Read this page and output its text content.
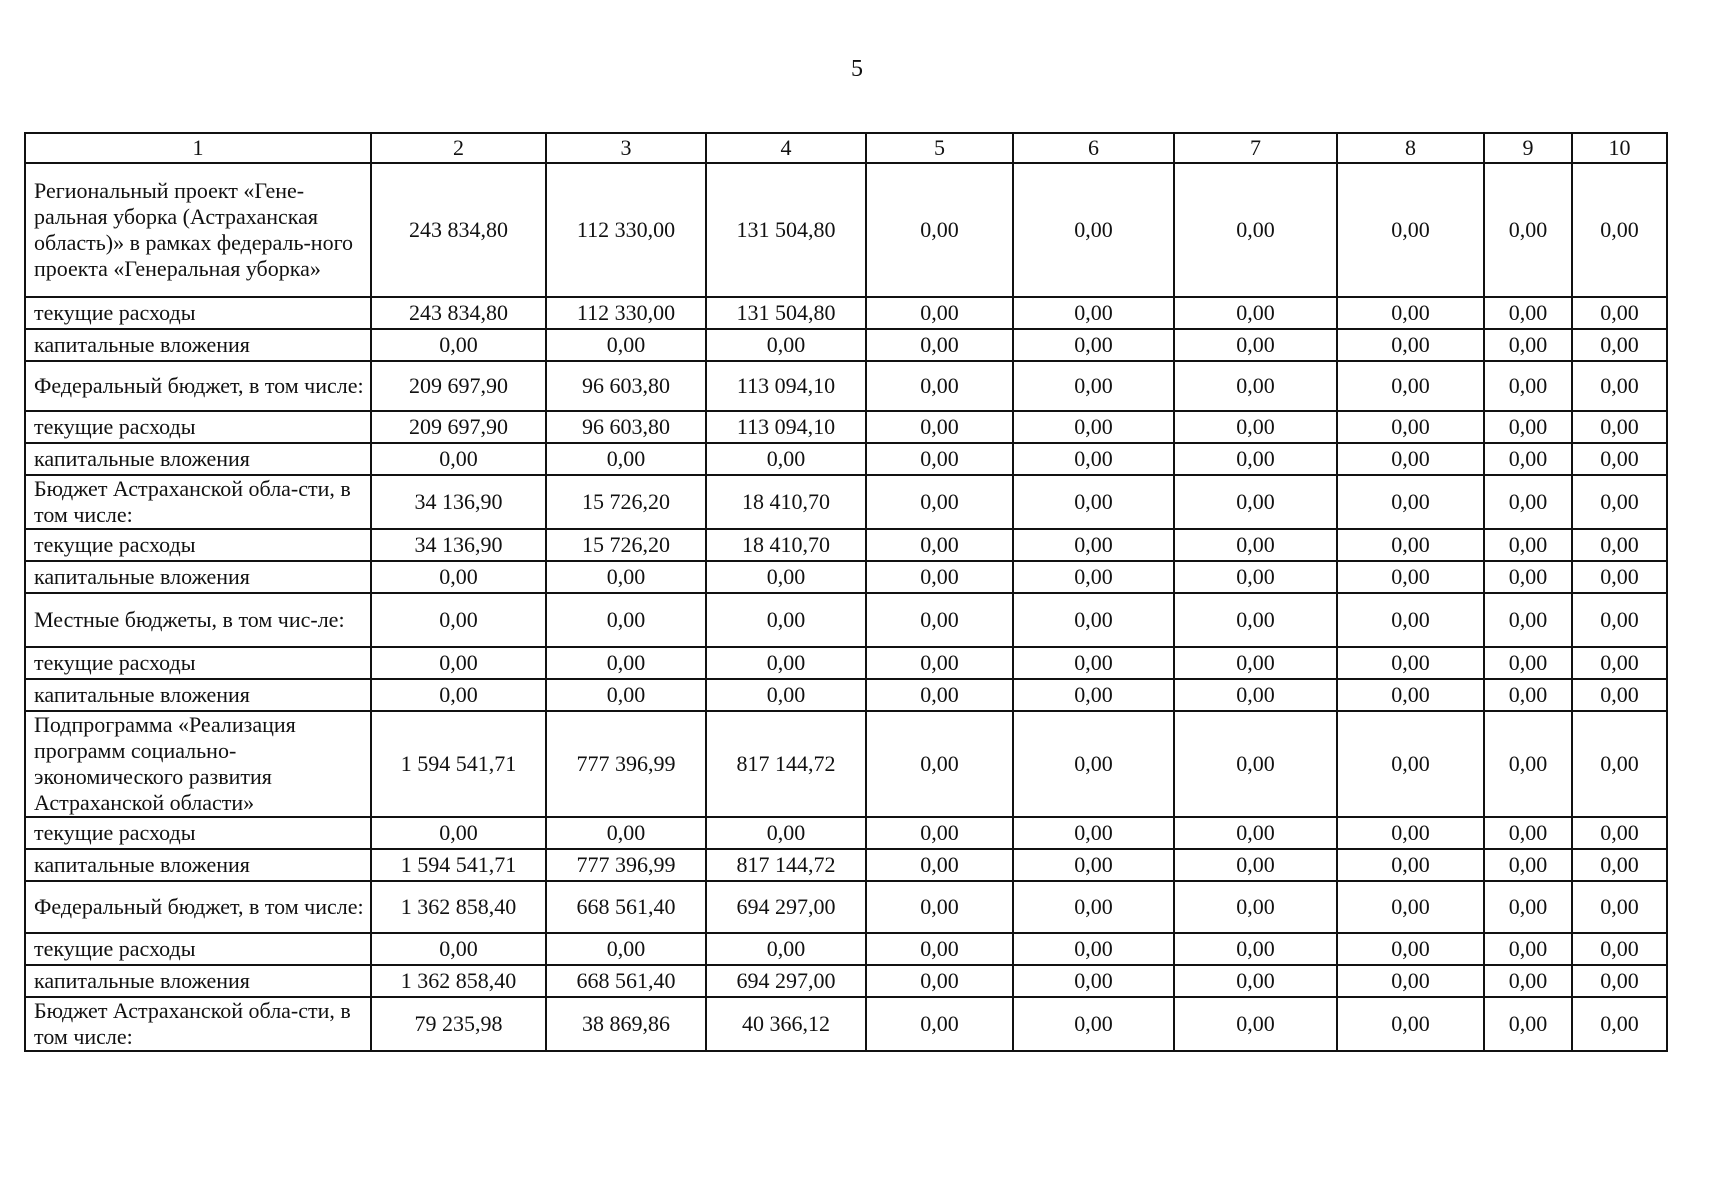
5
1	2	3	4	5	6	7	8	9	10
Региональный проект «Гене-ральная уборка (Астраханская область)» в рамках федераль-ного проекта «Генеральная уборка»	243 834,80	112 330,00	131 504,80	0,00	0,00	0,00	0,00	0,00	0,00
текущие расходы	243 834,80	112 330,00	131 504,80	0,00	0,00	0,00	0,00	0,00	0,00
капитальные вложения	0,00	0,00	0,00	0,00	0,00	0,00	0,00	0,00	0,00
Федеральный бюджет, в том числе:	209 697,90	96 603,80	113 094,10	0,00	0,00	0,00	0,00	0,00	0,00
текущие расходы	209 697,90	96 603,80	113 094,10	0,00	0,00	0,00	0,00	0,00	0,00
капитальные вложения	0,00	0,00	0,00	0,00	0,00	0,00	0,00	0,00	0,00
Бюджет Астраханской обла-сти, в том числе:	34 136,90	15 726,20	18 410,70	0,00	0,00	0,00	0,00	0,00	0,00
текущие расходы	34 136,90	15 726,20	18 410,70	0,00	0,00	0,00	0,00	0,00	0,00
капитальные вложения	0,00	0,00	0,00	0,00	0,00	0,00	0,00	0,00	0,00
Местные бюджеты, в том чис-ле:	0,00	0,00	0,00	0,00	0,00	0,00	0,00	0,00	0,00
текущие расходы	0,00	0,00	0,00	0,00	0,00	0,00	0,00	0,00	0,00
капитальные вложения	0,00	0,00	0,00	0,00	0,00	0,00	0,00	0,00	0,00
Подпрограмма «Реализация программ социально-экономического развития Астраханской области»	1 594 541,71	777 396,99	817 144,72	0,00	0,00	0,00	0,00	0,00	0,00
текущие расходы	0,00	0,00	0,00	0,00	0,00	0,00	0,00	0,00	0,00
капитальные вложения	1 594 541,71	777 396,99	817 144,72	0,00	0,00	0,00	0,00	0,00	0,00
Федеральный бюджет, в том числе:	1 362 858,40	668 561,40	694 297,00	0,00	0,00	0,00	0,00	0,00	0,00
текущие расходы	0,00	0,00	0,00	0,00	0,00	0,00	0,00	0,00	0,00
капитальные вложения	1 362 858,40	668 561,40	694 297,00	0,00	0,00	0,00	0,00	0,00	0,00
Бюджет Астраханской обла-сти, в том числе:	79 235,98	38 869,86	40 366,12	0,00	0,00	0,00	0,00	0,00	0,00
